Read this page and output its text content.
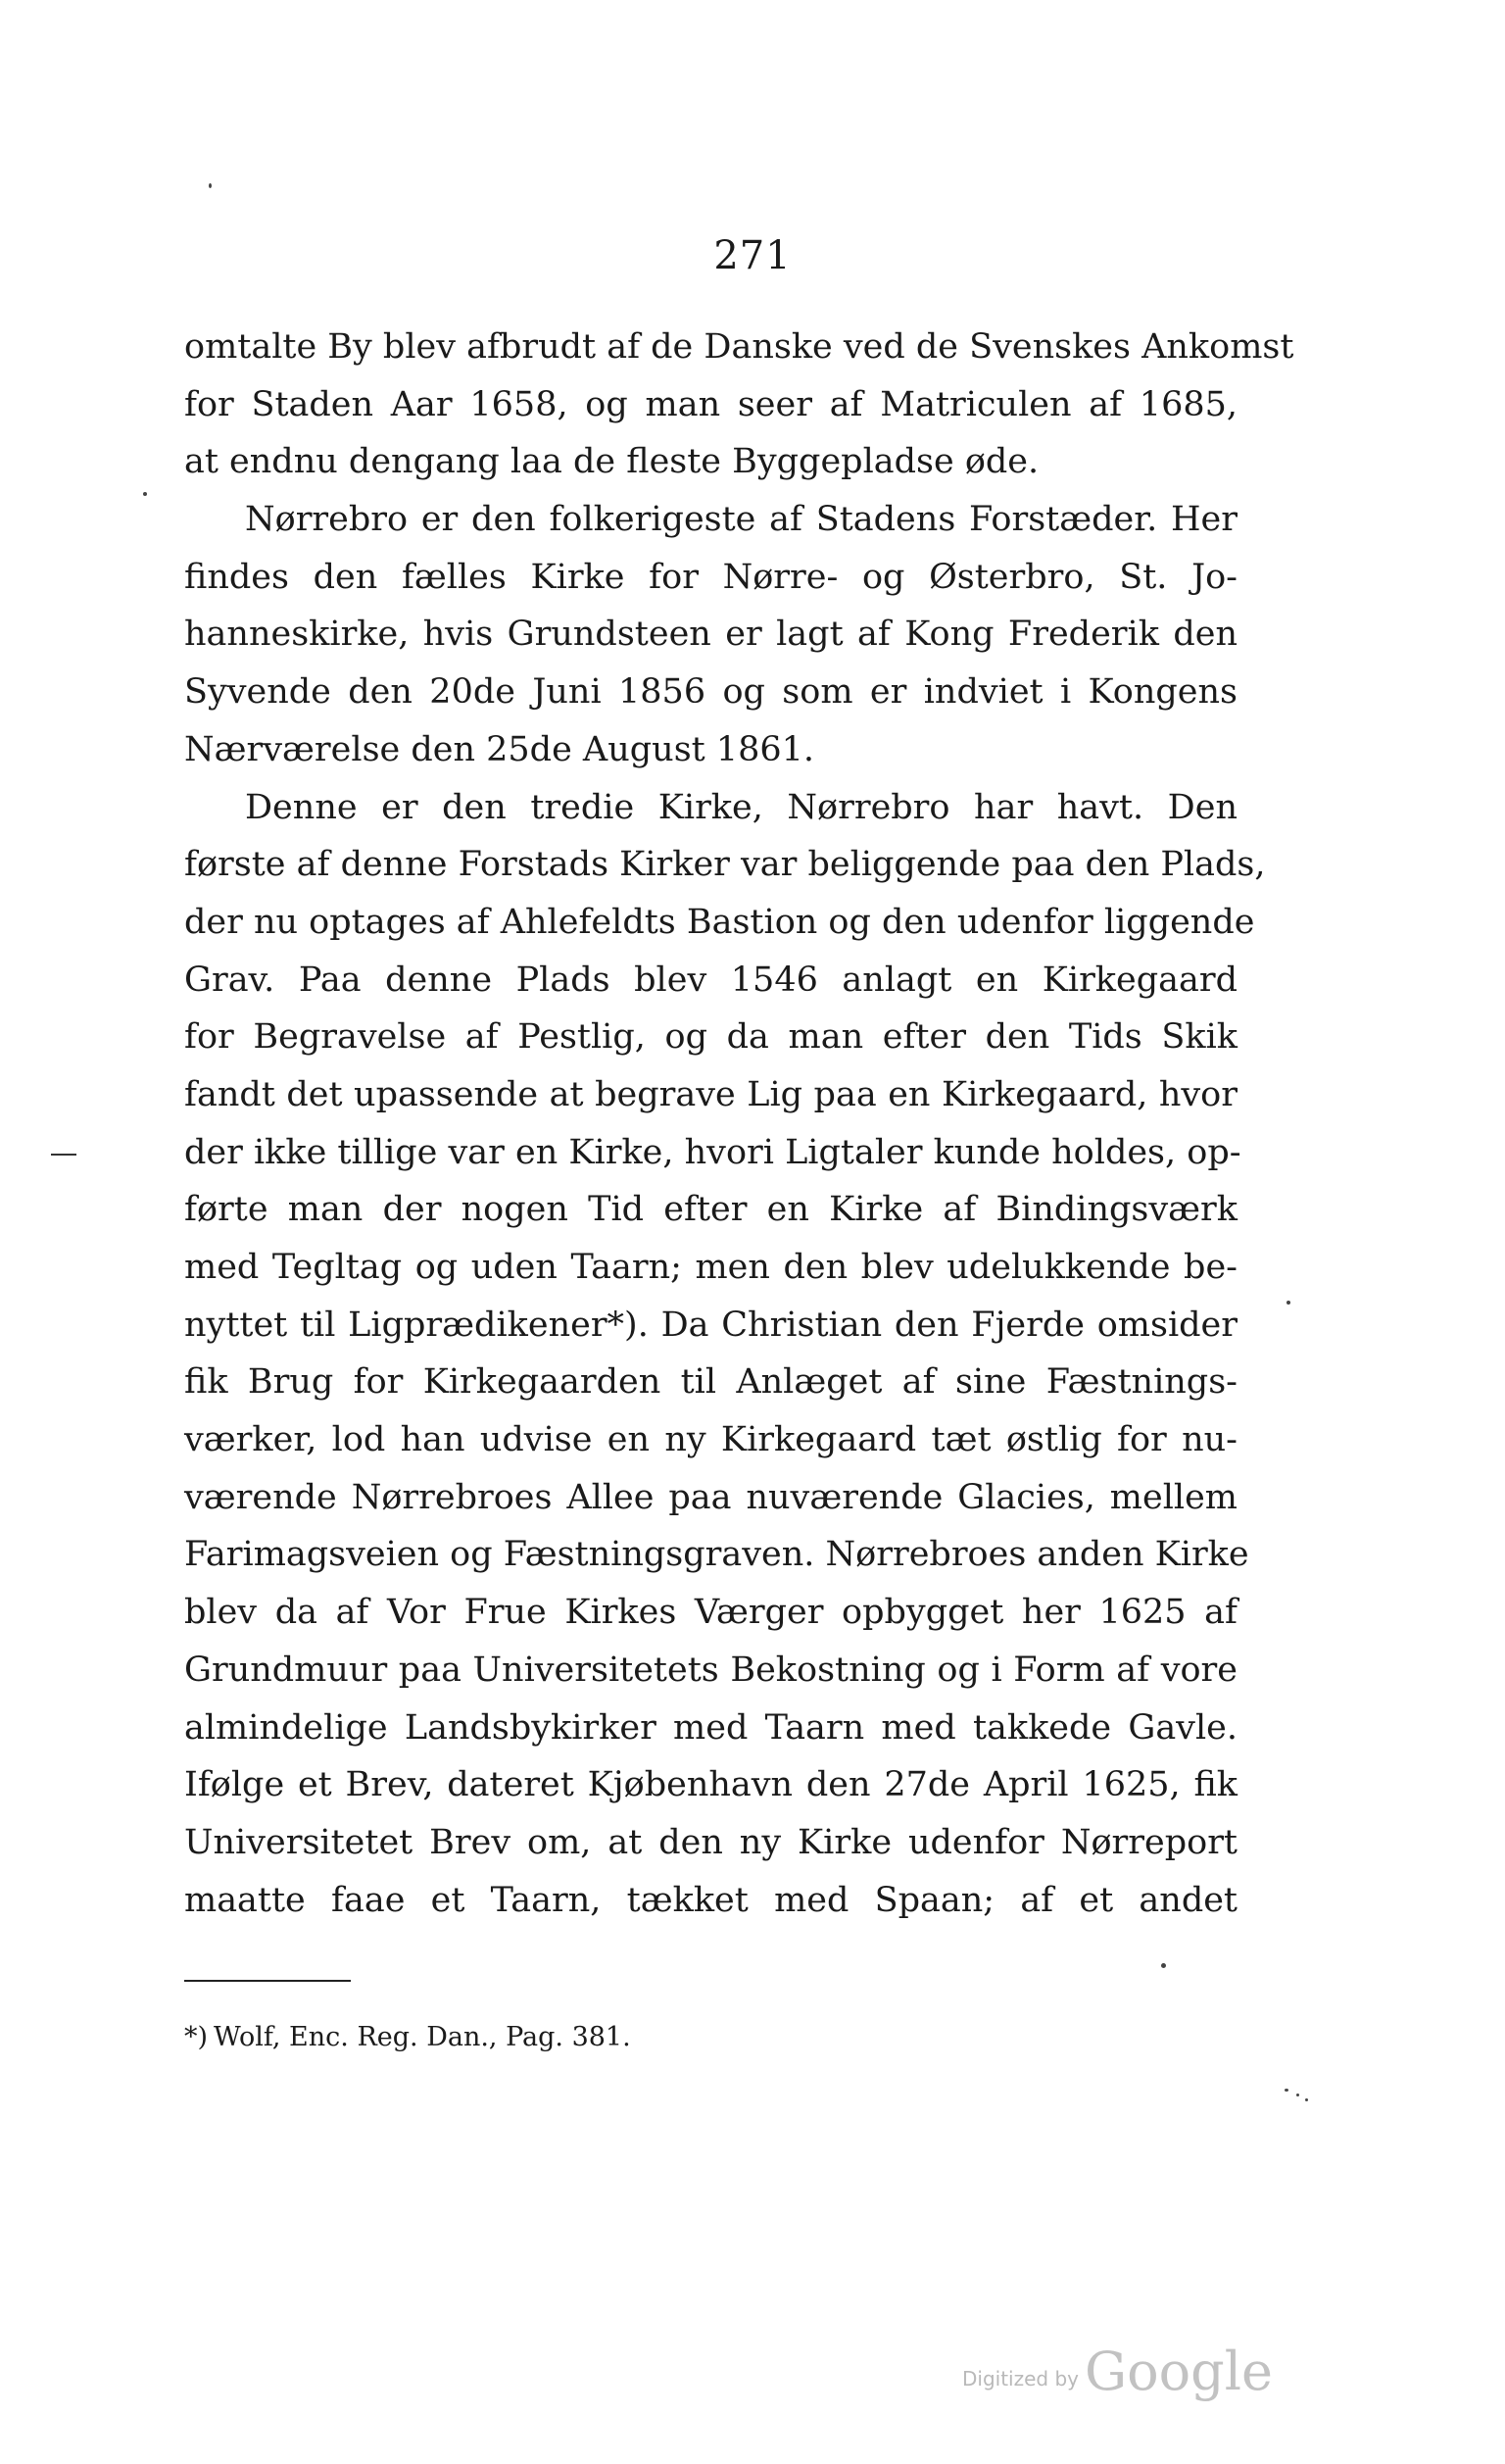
271
omtalte By blev afbrudt af de Danske ved de Svenskes Ankomst
for Staden Aar 1658, og man seer af Matriculen af 1685,
at endnu dengang laa de fleste Byggepladse øde.
Nørrebro er den folkerigeste af Stadens Forstæder. Her
findes den fælles Kirke for Nørre- og Østerbro, St. Jo-
hanneskirke, hvis Grundsteen er lagt af Kong Frederik den
Syvende den 20de Juni 1856 og som er indviet i Kongens
Nærværelse den 25de August 1861.
Denne er den tredie Kirke, Nørrebro har havt. Den
første af denne Forstads Kirker var beliggende paa den Plads,
der nu optages af Ahlefeldts Bastion og den udenfor liggende
Grav. Paa denne Plads blev 1546 anlagt en Kirkegaard
for Begravelse af Pestlig, og da man efter den Tids Skik
fandt det upassende at begrave Lig paa en Kirkegaard, hvor
der ikke tillige var en Kirke, hvori Ligtaler kunde holdes, op-
førte man der nogen Tid efter en Kirke af Bindingsværk
med Tegltag og uden Taarn; men den blev udelukkende be-
nyttet til Ligprædikener*). Da Christian den Fjerde omsider
fik Brug for Kirkegaarden til Anlæget af sine Fæstnings-
værker, lod han udvise en ny Kirkegaard tæt østlig for nu-
værende Nørrebroes Allee paa nuværende Glacies, mellem
Farimagsveien og Fæstningsgraven. Nørrebroes anden Kirke
blev da af Vor Frue Kirkes Værger opbygget her 1625 af
Grundmuur paa Universitetets Bekostning og i Form af vore
almindelige Landsbykirker med Taarn med takkede Gavle.
Ifølge et Brev, dateret Kjøbenhavn den 27de April 1625, fik
Universitetet Brev om, at den ny Kirke udenfor Nørreport
maatte faae et Taarn, tækket med Spaan; af et andet
*) Wolf, Enc. Reg. Dan., Pag. 381.
Digitized by Google
